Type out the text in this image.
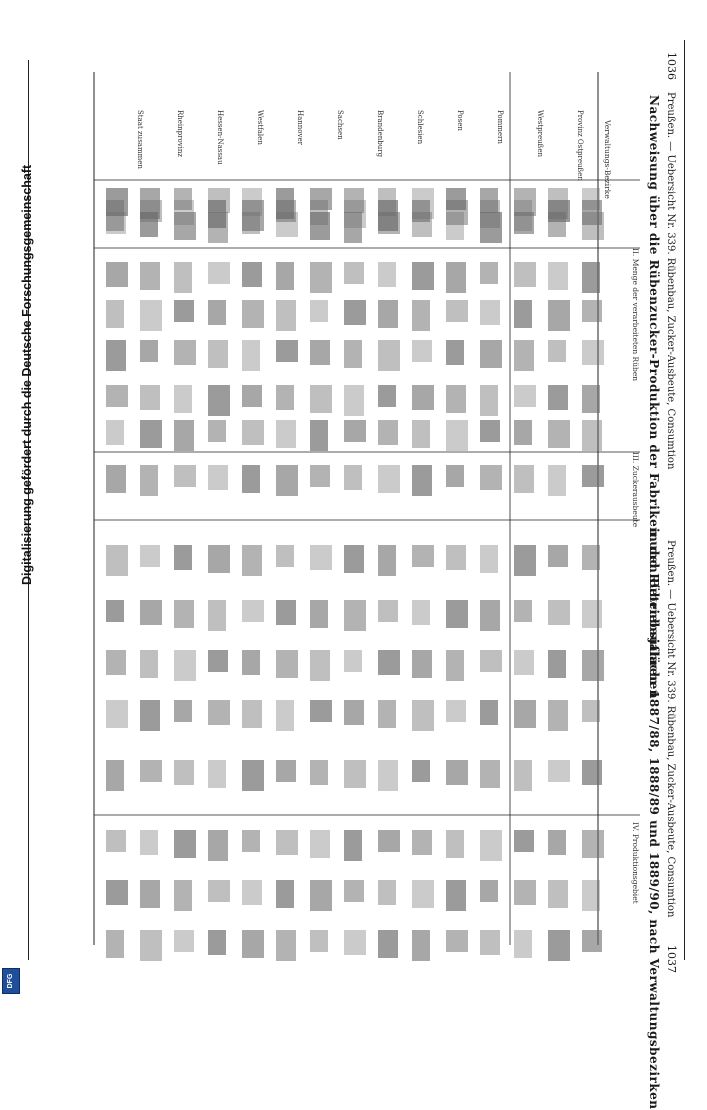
1036
1037
Preußen. — Uebersicht Nr. 339. Rübenbau, Zucker-Ausbeute, Consumtion
Preußen. — Uebersicht Nr. 339. Rübenbau, Zucker-Ausbeute, Consumtion
Nachweisung über die Rübenzucker-Produktion der Fabriken und Rübenbauflächen
in den Betriebsjahren 1887/88, 1888/89 und 1889/90, nach Verwaltungsbezirken
Verwaltungs-Bezirke
II. Menge der verarbeiteten Rüben
III. Zuckerausbeute
IV. Produktionsgebiet
Provinz Ostpreußen
Westpreußen
Pommern
Posen
Schlesien
Brandenburg
Sachsen
Hannover
Westfalen
Hessen-Nassau
Rheinprovinz
Staat zusammen
Digitalisierung gefördert durch die Deutsche Forschungsgemeinschaft
DFG
